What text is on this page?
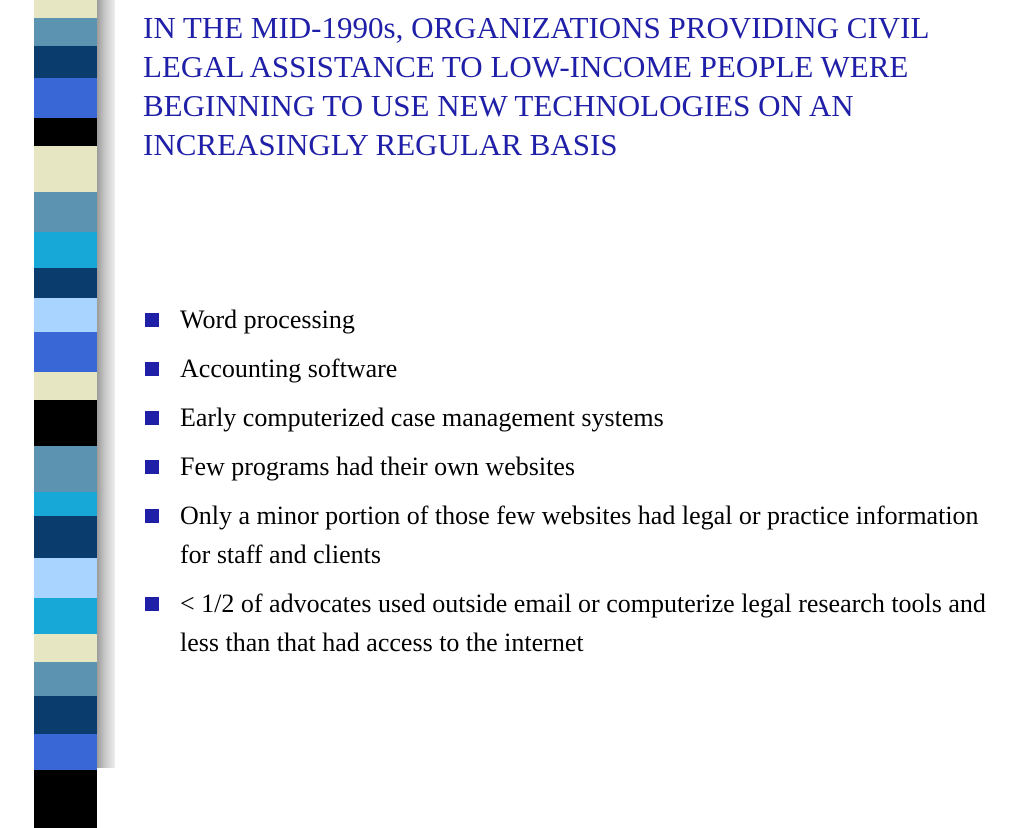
IN THE MID-1990s, ORGANIZATIONS PROVIDING CIVIL LEGAL ASSISTANCE TO LOW-INCOME PEOPLE WERE BEGINNING TO USE NEW TECHNOLOGIES ON AN INCREASINGLY REGULAR BASIS
Word processing
Accounting software
Early computerized case management systems
Few programs had their own websites
Only a minor portion of those few websites had legal or practice information for staff and clients
< 1/2 of advocates used outside email or computerize legal research tools and less than that had access to the internet
